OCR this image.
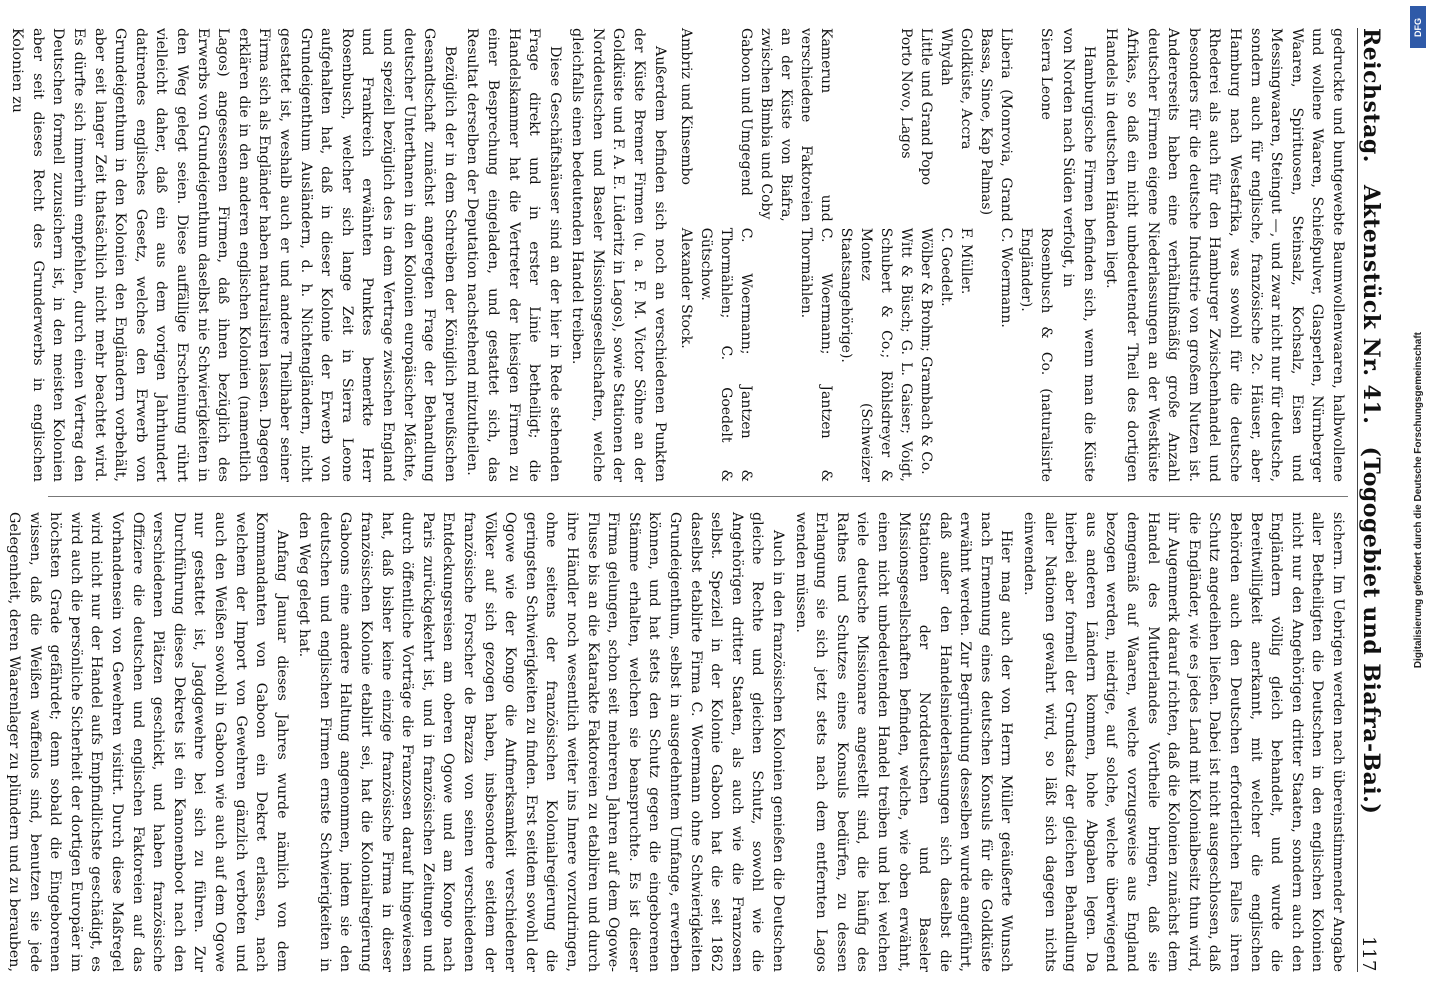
Reichstag.
Aktenstück Nr. 41.
(Togogebiet und Biafra-Bai.)
117

gedruckte und buntgewebte Baumwollenwaaren, halbwollene und wollene Waaren, Schießpulver, Glasperlen, Nürnberger Waaren, Spirituosen, Steinsalz, Kochsalz, Eisen und Messingwaaren, Steingut —, und zwar nicht nur für deutsche, sondern auch für englische, französische 2c. Häuser, aber Hamburg nach Westafrika, was sowohl für die deutsche Rhederei als auch für den Hamburger Zwischenhandel und besonders für die deutsche Industrie von großem Nutzen ist. Andererseits haben eine verhältnißmäßig große Anzahl deutscher Firmen eigene Niederlassungen an der Westküste Afrikas, so daß ein nicht unbedeutender Theil des dortigen Handels in deutschen Händen liegt.

Hamburgische Firmen befinden sich, wenn man die Küste von Norden nach Süden verfolgt, in

Sierra Leone	Rosenbusch & Co. (naturalisirte Engländer).
Liberia (Monrovia, Grand Bassa, Sinoe, Kap Palmas)	C. Woermann.
Goldküste, Accra	F. Müller.
Whydah	C. Goedelt.
Little und Grand Popo	Wölber & Brohm; Grambach & Co.
Porto Novo, Lagos	Witt & Büsch; G. L. Gaiser; Voigt, Schubert & Co.; Röhlsdreyer & Montez (Schweizer Staatsangehörige).
Kamerun und verschiedene Faktoreien an der Küste von Biafra, zwischen Bimbia und Coby	C. Woermann; Jantzen & Thormählen.
Gaboon und Umgegend	C. Woermann; Jantzen & Thormählen; C. Goedelt & Gütschow.
Ambriz und Kinsembo	Alexander Stock.

Außerdem befinden sich noch an verschiedenen Punkten der Küste Bremer Firmen (u. a. F. M. Victor Söhne an der Goldküste und F. A. E. Lüderitz in Lagos), sowie Stationen der Norddeutschen und Baseler Missionsgesellschaften, welche gleichfalls einen bedeutenden Handel treiben.

Diese Geschäftshäuser sind an der hier in Rede stehenden Frage direkt und in erster Linie betheiligt; die Handelskammer hat die Vertreter der hiesigen Firmen zu einer Besprechung eingeladen, und gestattet sich, das Resultat derselben der Deputation nachstehend mitzutheilen.

Bezüglich der in dem Schreiben der Königlich preußischen Gesandtschaft zunächst angeregten Frage der Behandlung deutscher Unterthanen in den Kolonien europäischer Mächte, und speziell bezüglich des in dem Vertrage zwischen England und Frankreich erwähnten Punktes bemerkte Herr Rosenbusch, welcher sich lange Zeit in Sierra Leone aufgehalten hat, daß in dieser Kolonie der Erwerb von Grundeigenthum Ausländern, d. h. Nichtengländern, nicht gestattet ist, weshalb auch er und andere Theilhaber seiner Firma sich als Engländer haben naturalisiren lassen. Dagegen erklären die in den anderen englischen Kolonien (namentlich Lagos) angesessenen Firmen, daß ihnen bezüglich des Erwerbs von Grundeigenthum daselbst nie Schwierigkeiten in den Weg gelegt seien. Diese auffällige Erscheinung rührt vielleicht daher, daß ein aus dem vorigen Jahrhundert datirendes englisches Gesetz, welches den Erwerb von Grundeigenthum in den Kolonien den Engländern vorbehält, aber seit langer Zeit thatsächlich nicht mehr beachtet wird. Es dürfte sich immerhin empfehlen, durch einen Vertrag den Deutschen formell zuzusichern ist, in den meisten Kolonien aber seit dieses Recht des Grunderwerbs in englischen Kolonien zu

sichern. Im Uebrigen werden nach übereinstimmender Angabe aller Betheiligten die Deutschen in den englischen Kolonien nicht nur den Angehörigen dritter Staaten, sondern auch den Engländern völlig gleich behandelt, und wurde die Bereitwilligkeit anerkannt, mit welcher die englischen Behörden auch den Deutschen erforderlichen Falles ihren Schutz angedeihen ließen. Dabei ist nicht ausgeschlossen, daß die Engländer, wie es jedes Land mit Kolonialbesitz thun wird, ihr Augenmerk darauf richten, daß die Kolonien zunächst dem Handel des Mutterlandes Vortheile bringen, daß sie demgemäß auf Waaren, welche vorzugsweise aus England bezogen werden, niedrige, auf solche, welche überwiegend aus anderen Ländern kommen, hohe Abgaben legen. Da hierbei aber formell der Grundsatz der gleichen Behandlung aller Nationen gewahrt wird, so läßt sich dagegen nichts einwenden.

Hier mag auch der von Herrn Müller geäußerte Wunsch nach Ernennung eines deutschen Konsuls für die Goldküste erwähnt werden. Zur Begründung desselben wurde angeführt, daß außer den Handelsniederlassungen sich daselbst die Stationen der Norddeutschen und Baseler Missionsgesellschaften befinden, welche, wie oben erwähnt, einen nicht unbedeutenden Handel treiben und bei welchen viele deutsche Missionare angestellt sind, die häufig des Rathes und Schutzes eines Konsuls bedürfen, zu dessen Erlangung sie sich jetzt stets nach dem entfernten Lagos wenden müssen.

Auch in den französischen Kolonien genießen die Deutschen gleiche Rechte und gleichen Schutz, sowohl wie die Angehörigen dritter Staaten, als auch wie die Franzosen selbst. Speziell in der Kolonie Gaboon hat die seit 1862 daselbst etablirte Firma C. Woermann ohne Schwierigkeiten Grundeigenthum, selbst in ausgedehntem Umfange, erwerben können, und hat stets den Schutz gegen die eingeborenen Stämme erhalten, welchen sie beanspruchte. Es ist dieser Firma gelungen, schon seit mehreren Jahren auf dem Ogowe-Flusse bis an die Katarakte Faktoreien zu etabliren und durch ihre Händler noch wesentlich weiter ins Innere vorzudringen, ohne seitens der französischen Kolonialregierung die geringsten Schwierigkeiten zu finden. Erst seitdem sowohl der Ogowe wie der Kongo die Aufmerksamkeit verschiedener Völker auf sich gezogen haben, insbesondere seitdem der französische Forscher de Brazza von seinen verschiedenen Entdeckungsreisen am oberen Ogowe und am Kongo nach Paris zurückgekehrt ist, und in französischen Zeitungen und durch öffentliche Vorträge die Franzosen darauf hingewiesen hat, daß bisher keine einzige französische Firma in dieser französischen Kolonie etablirt sei, hat die Kolonialregierung Gaboons eine andere Haltung angenommen, indem sie den deutschen und englischen Firmen ernste Schwierigkeiten in den Weg gelegt hat.

Anfang Januar dieses Jahres wurde nämlich von dem Kommandanten von Gaboon ein Dekret erlassen, nach welchem der Import von Gewehren gänzlich verboten und auch den Weißen sowohl in Gaboon wie auch auf dem Ogowe nur gestattet ist, Jagdgewehre bei sich zu führen. Zur Durchführung dieses Dekrets ist ein Kanonenboot nach den verschiedenen Plätzen geschickt, und haben französische Offiziere die deutschen und englischen Faktoreien auf das Vorhandensein von Gewehren visitirt. Durch diese Maßregel wird nicht nur der Handel aufs Empfindlichste geschädigt, es wird auch die persönliche Sicherheit der dortigen Europäer im höchsten Grade gefährdet; denn sobald die Eingeborenen wissen, daß die Weißen waffenlos sind, benutzen sie jede Gelegenheit, deren Waarenlager zu plündern und zu berauben,

DFG
Digitalisierung gefördert durch die Deutsche Forschungsgemeinschaft
